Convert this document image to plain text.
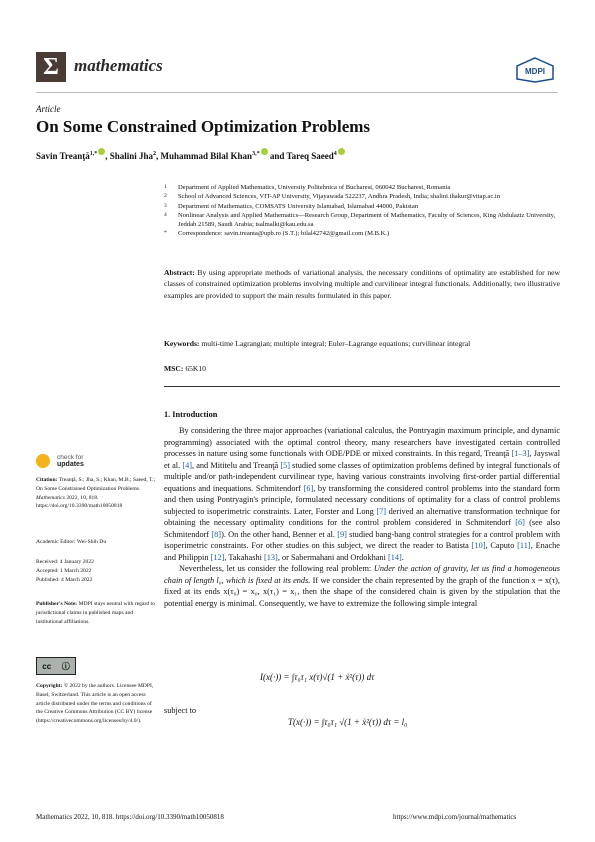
Σ mathematics	MDPI
Article
On Some Constrained Optimization Problems
Savin Treanţă$^{1,*}$ , Shalini Jha$^2$, Muhammad Bilal Khan$^{3,*}$ and Tareq Saeed$^4$
1	Department of Applied Mathematics, University Politehnica of Bucharest, 060042 Bucharest, Romania
2	School of Advanced Sciences, VIT-AP University, Vijayawada 522237, Andhra Pradesh, India; shalini.thakur@vitap.ac.in
3	Department of Mathematics, COMSATS University Islamabad, Islamabad 44000, Pakistan
4	Nonlinear Analysis and Applied Mathematics—Research Group, Department of Mathematics, Faculty of Sciences, King Abdulaziz University, Jeddah 21589, Saudi Arabia; tsalmalki@kau.edu.sa
*	Correspondence: savin.treanta@upb.ro (S.T.); bilal42742@gmail.com (M.B.K.)
Abstract: By using appropriate methods of variational analysis, the necessary conditions of optimality are established for new classes of constrained optimization problems involving multiple and curvilinear integral functionals. Additionally, two illustrative examples are provided to support the main results formulated in this paper.
Keywords: multi-time Lagrangian; multiple integral; Euler–Lagrange equations; curvilinear integral
MSC: 65K10
1. Introduction

By considering the three major approaches (variational calculus, the Pontryagin maximum principle, and dynamic programming) associated with the optimal control theory, many researchers have investigated certain controlled processes in nature using some functionals with ODE/PDE or mixed constraints. In this regard, Treanţă [1–3], Jayswal et al. [4], and Mititelu and Treanţă [5] studied some classes of optimization problems defined by integral functionals of multiple and/or path-independent curvilinear type, having various constraints involving first-order partial differential equations and inequations. Schmitendorf [6], by transforming the considered control problems into the standard form and then using Pontryagin's principle, formulated necessary conditions of optimality for a class of control problems subjected to isoperimetric constraints. Later, Forster and Long [7] derived an alternative transformation technique for obtaining the necessary optimality conditions for the control problem considered in Schmitendorf [6] (see also Schmitendorf [8]). On the other hand, Benner et al. [9] studied bang-bang control strategies for a control problem with isoperimetric constraints. For other studies on this subject, we direct the reader to Batista [10], Caputo [11], Enache and Philippin [12], Takahashi [13], or Sabermahani and Ordokhani [14].

Nevertheless, let us consider the following real problem: Under the action of gravity, let us find a homogeneous chain of length l₀, which is fixed at its ends. If we consider the chain represented by the graph of the function x = x(τ), fixed at its ends x(τ₀) = x₀, x(τ₁) = x₁, then the shape of the considered chain is given by the stipulation that the potential energy is minimal. Consequently, we have to extremize the following simple integral

I(x(·)) = ∫τ₀τ₁ x(τ)√(1 + ẋ²(τ)) dτ
subject to
T(x(·)) = ∫τ₀τ₁ √(1 + ẋ²(τ)) dτ = l₀
check for
updates
Citation: Treanţă, S.; Jha, S.; Khan, M.B.; Saeed, T.; On Some Constrained Optimization Problems. Mathematics 2022, 10, 818. https://doi.org/10.3390/math10050818
Academic Editor: Wei-Shih Du
Received: 4 January 2022
Accepted: 1 March 2022
Published: 4 March 2022
Publisher's Note: MDPI stays neutral with regard to jurisdictional claims in published maps and institutional affiliations.
cc ⓘ
Copyright: © 2022 by the authors. Licensee MDPI, Basel, Switzerland. This article is an open access article distributed under the terms and conditions of the Creative Commons Attribution (CC BY) license (https://creativecommons.org/licenses/by/4.0/).
Mathematics 2022, 10, 818. https://doi.org/10.3390/math10050818	https://www.mdpi.com/journal/mathematics
